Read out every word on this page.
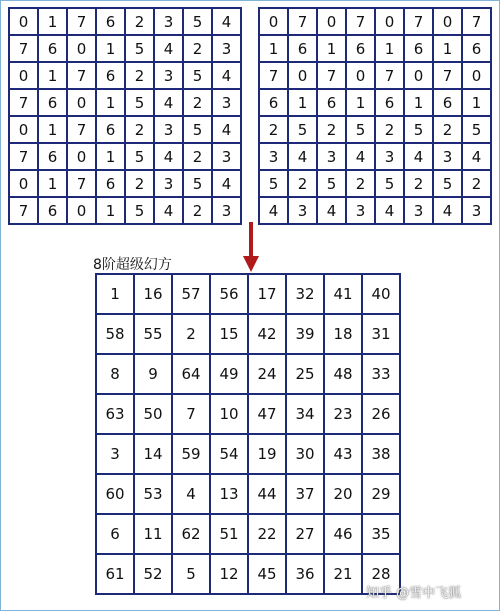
0	1	7	6	2	3	5	4
7	6	0	1	5	4	2	3
0	1	7	6	2	3	5	4
7	6	0	1	5	4	2	3
0	1	7	6	2	3	5	4
7	6	0	1	5	4	2	3
0	1	7	6	2	3	5	4
7	6	0	1	5	4	2	3
0	7	0	7	0	7	0	7
1	6	1	6	1	6	1	6
7	0	7	0	7	0	7	0
6	1	6	1	6	1	6	1
2	5	2	5	2	5	2	5
3	4	3	4	3	4	3	4
5	2	5	2	5	2	5	2
4	3	4	3	4	3	4	3
8阶超级幻方
1	16	57	56	17	32	41	40
58	55	2	15	42	39	18	31
8	9	64	49	24	25	48	33
63	50	7	10	47	34	23	26
3	14	59	54	19	30	43	38
60	53	4	13	44	37	20	29
6	11	62	51	22	27	46	35
61	52	5	12	45	36	21	28
知乎 @雪中飞狐
